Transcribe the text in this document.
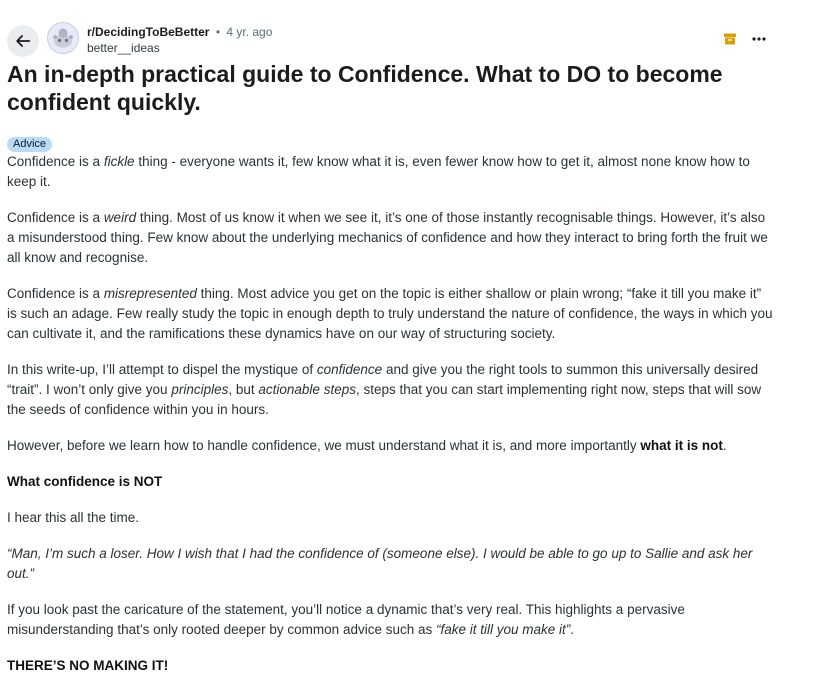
r/DecidingToBeBetter • 4 yr. ago
better__ideas
An in-depth practical guide to Confidence. What to DO to become confident quickly.
Advice

Confidence is a fickle thing - everyone wants it, few know what it is, even fewer know how to get it, almost none know how to keep it.

Confidence is a weird thing. Most of us know it when we see it, it’s one of those instantly recognisable things. However, it’s also a misunderstood thing. Few know about the underlying mechanics of confidence and how they interact to bring forth the fruit we all know and recognise.

Confidence is a misrepresented thing. Most advice you get on the topic is either shallow or plain wrong; “fake it till you make it” is such an adage. Few really study the topic in enough depth to truly understand the nature of confidence, the ways in which you can cultivate it, and the ramifications these dynamics have on our way of structuring society.

In this write-up, I’ll attempt to dispel the mystique of confidence and give you the right tools to summon this universally desired “trait”. I won’t only give you principles, but actionable steps, steps that you can start implementing right now, steps that will sow the seeds of confidence within you in hours.

However, before we learn how to handle confidence, we must understand what it is, and more importantly what it is not.

What confidence is NOT

I hear this all the time.

“Man, I’m such a loser. How I wish that I had the confidence of (someone else). I would be able to go up to Sallie and ask her out.”

If you look past the caricature of the statement, you’ll notice a dynamic that’s very real. This highlights a pervasive misunderstanding that’s only rooted deeper by common advice such as “fake it till you make it”.

THERE’S NO MAKING IT!
